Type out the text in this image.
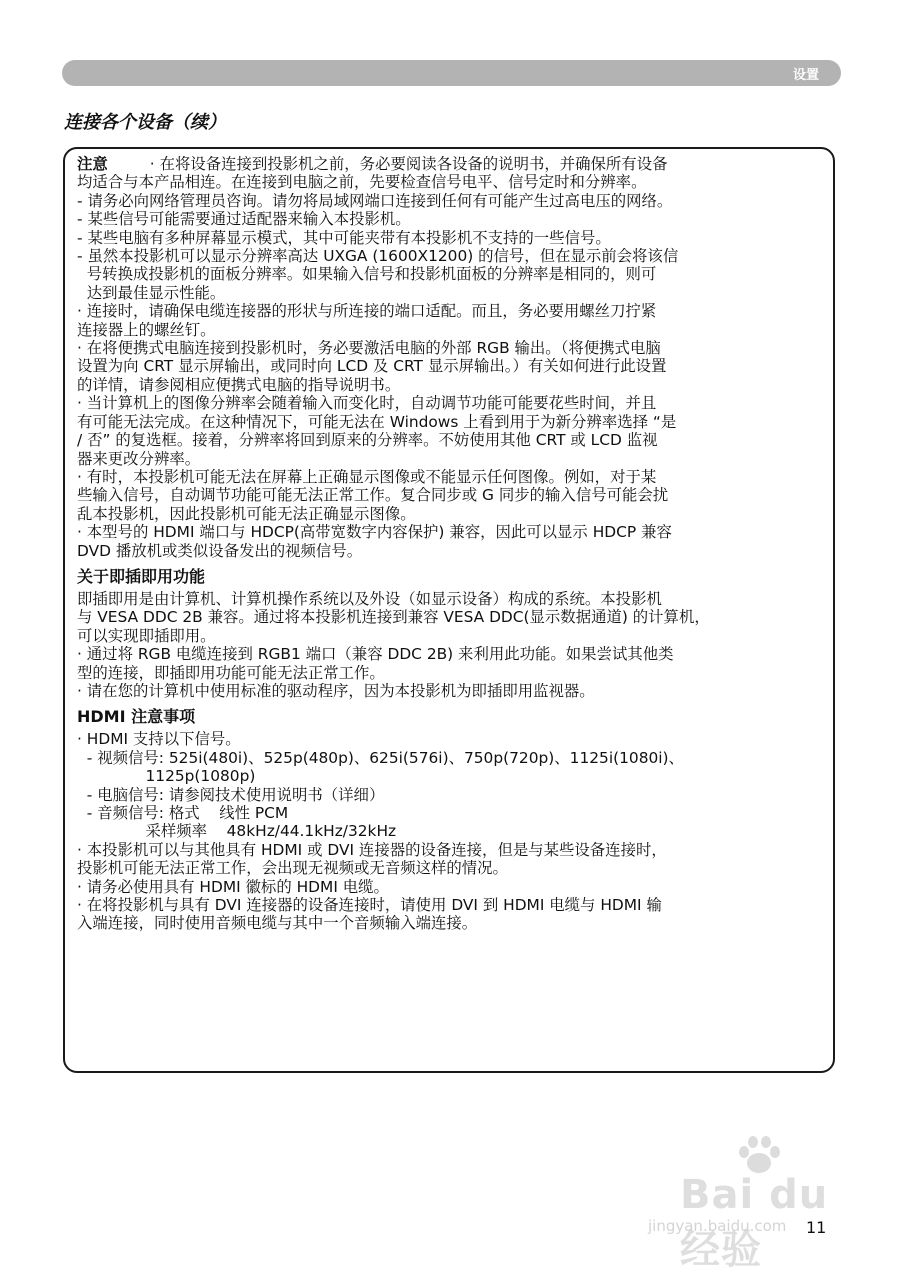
设置
连接各个设备（续）
注意	· 在将设备连接到投影机之前，务必要阅读各设备的说明书，并确保所有设备
均适合与本产品相连。在连接到电脑之前，先要检查信号电平、信号定时和分辨率。
- 请务必向网络管理员咨询。请勿将局域网端口连接到任何有可能产生过高电压的网络。
- 某些信号可能需要通过适配器来输入本投影机。
- 某些电脑有多种屏幕显示模式，其中可能夹带有本投影机不支持的一些信号。
- 虽然本投影机可以显示分辨率高达 UXGA (1600X1200) 的信号，但在显示前会将该信
号转换成投影机的面板分辨率。如果输入信号和投影机面板的分辨率是相同的，则可
达到最佳显示性能。
· 连接时，请确保电缆连接器的形状与所连接的端口适配。而且，务必要用螺丝刀拧紧
连接器上的螺丝钉。
· 在将便携式电脑连接到投影机时，务必要激活电脑的外部 RGB 输出。（将便携式电脑
设置为向 CRT 显示屏输出，或同时向 LCD 及 CRT 显示屏输出。）有关如何进行此设置
的详情，请参阅相应便携式电脑的指导说明书。
· 当计算机上的图像分辨率会随着输入而变化时，自动调节功能可能要花些时间，并且
有可能无法完成。在这种情况下，可能无法在 Windows 上看到用于为新分辨率选择 “是
/ 否” 的复选框。接着，分辨率将回到原来的分辨率。不妨使用其他 CRT 或 LCD 监视
器来更改分辨率。
· 有时，本投影机可能无法在屏幕上正确显示图像或不能显示任何图像。例如，对于某
些输入信号，自动调节功能可能无法正常工作。复合同步或 G 同步的输入信号可能会扰
乱本投影机，因此投影机可能无法正确显示图像。
· 本型号的 HDMI 端口与 HDCP(高带宽数字内容保护) 兼容，因此可以显示 HDCP 兼容
DVD 播放机或类似设备发出的视频信号。
关于即插即用功能
即插即用是由计算机、计算机操作系统以及外设（如显示设备）构成的系统。本投影机
与 VESA DDC 2B 兼容。通过将本投影机连接到兼容 VESA DDC(显示数据通道) 的计算机，
可以实现即插即用。
· 通过将 RGB 电缆连接到 RGB1 端口（兼容 DDC 2B) 来利用此功能。如果尝试其他类
型的连接，即插即用功能可能无法正常工作。
· 请在您的计算机中使用标准的驱动程序，因为本投影机为即插即用监视器。
HDMI 注意事项
· HDMI 支持以下信号。
- 视频信号: 525i(480i)、525p(480p)、625i(576i)、750p(720p)、1125i(1080i)、
1125p(1080p)
- 电脑信号: 请参阅技术使用说明书（详细）
- 音频信号: 格式    线性 PCM
采样频率    48kHz/44.1kHz/32kHz
· 本投影机可以与其他具有 HDMI 或 DVI 连接器的设备连接，但是与某些设备连接时，
投影机可能无法正常工作，会出现无视频或无音频这样的情况。
· 请务必使用具有 HDMI 徽标的 HDMI 电缆。
· 在将投影机与具有 DVI 连接器的设备连接时，请使用 DVI 到 HDMI 电缆与 HDMI 输
入端连接，同时使用音频电缆与其中一个音频输入端连接。
Bai du 经验
jingyan.baidu.com 11
